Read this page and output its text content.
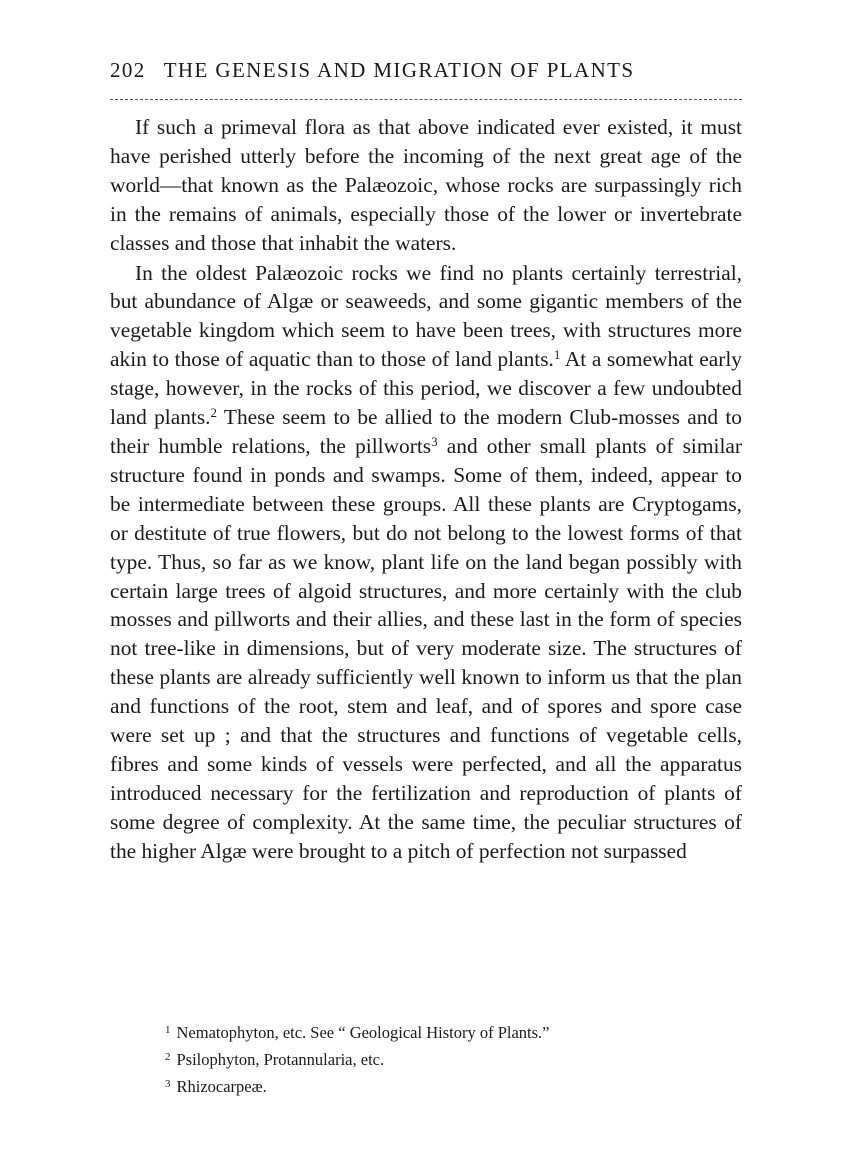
202 THE GENESIS AND MIGRATION OF PLANTS

If such a primeval flora as that above indicated ever existed, it must have perished utterly before the incoming of the next great age of the world—that known as the Palæozoic, whose rocks are surpassingly rich in the remains of animals, especially those of the lower or invertebrate classes and those that inhabit the waters.

In the oldest Palæozoic rocks we find no plants certainly terrestrial, but abundance of Algæ or seaweeds, and some gigantic members of the vegetable kingdom which seem to have been trees, with structures more akin to those of aquatic than to those of land plants.$^1$ At a somewhat early stage, however, in the rocks of this period, we discover a few undoubted land plants.$^2$ These seem to be allied to the modern Club-mosses and to their humble relations, the pillworts$^3$ and other small plants of similar structure found in ponds and swamps. Some of them, indeed, appear to be intermediate between these groups. All these plants are Cryptogams, or destitute of true flowers, but do not belong to the lowest forms of that type. Thus, so far as we know, plant life on the land began possibly with certain large trees of algoid structures, and more certainly with the club mosses and pillworts and their allies, and these last in the form of species not tree-like in dimensions, but of very moderate size. The structures of these plants are already sufficiently well known to inform us that the plan and functions of the root, stem and leaf, and of spores and spore case were set up ; and that the structures and functions of vegetable cells, fibres and some kinds of vessels were perfected, and all the apparatus introduced necessary for the fertilization and reproduction of plants of some degree of complexity. At the same time, the peculiar structures of the higher Algæ were brought to a pitch of perfection not surpassed

$^1$ Nematophyton, etc. See “ Geological History of Plants.”
$^2$ Psilophyton, Protannularia, etc.
$^3$ Rhizocarpeæ.
